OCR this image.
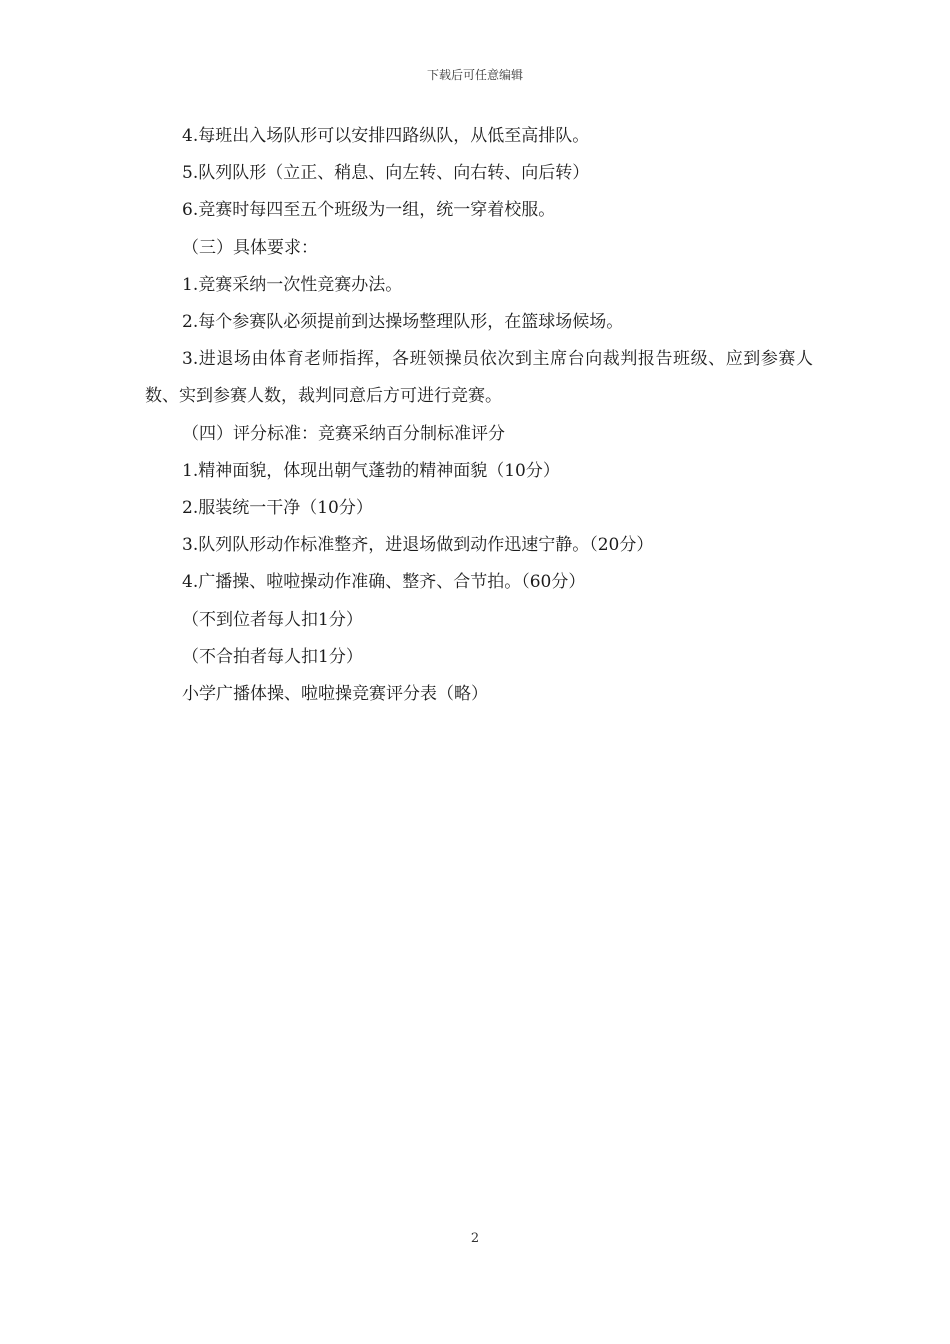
下载后可任意编辑

4.每班出入场队形可以安排四路纵队，从低至高排队。

5.队列队形（立正、稍息、向左转、向右转、向后转）

6.竞赛时每四至五个班级为一组，统一穿着校服。

（三）具体要求：

1.竞赛采纳一次性竞赛办法。

2.每个参赛队必须提前到达操场整理队形，在篮球场候场。

3.进退场由体育老师指挥，各班领操员依次到主席台向裁判报告班级、应到参赛人数、实到参赛人数，裁判同意后方可进行竞赛。

（四）评分标准：竞赛采纳百分制标准评分

1.精神面貌，体现出朝气蓬勃的精神面貌（10分）

2.服装统一干净（10分）

3.队列队形动作标准整齐，进退场做到动作迅速宁静。（20分）

4.广播操、啦啦操动作准确、整齐、合节拍。（60分）

（不到位者每人扣1分）

（不合拍者每人扣1分）

小学广播体操、啦啦操竞赛评分表（略）

2
